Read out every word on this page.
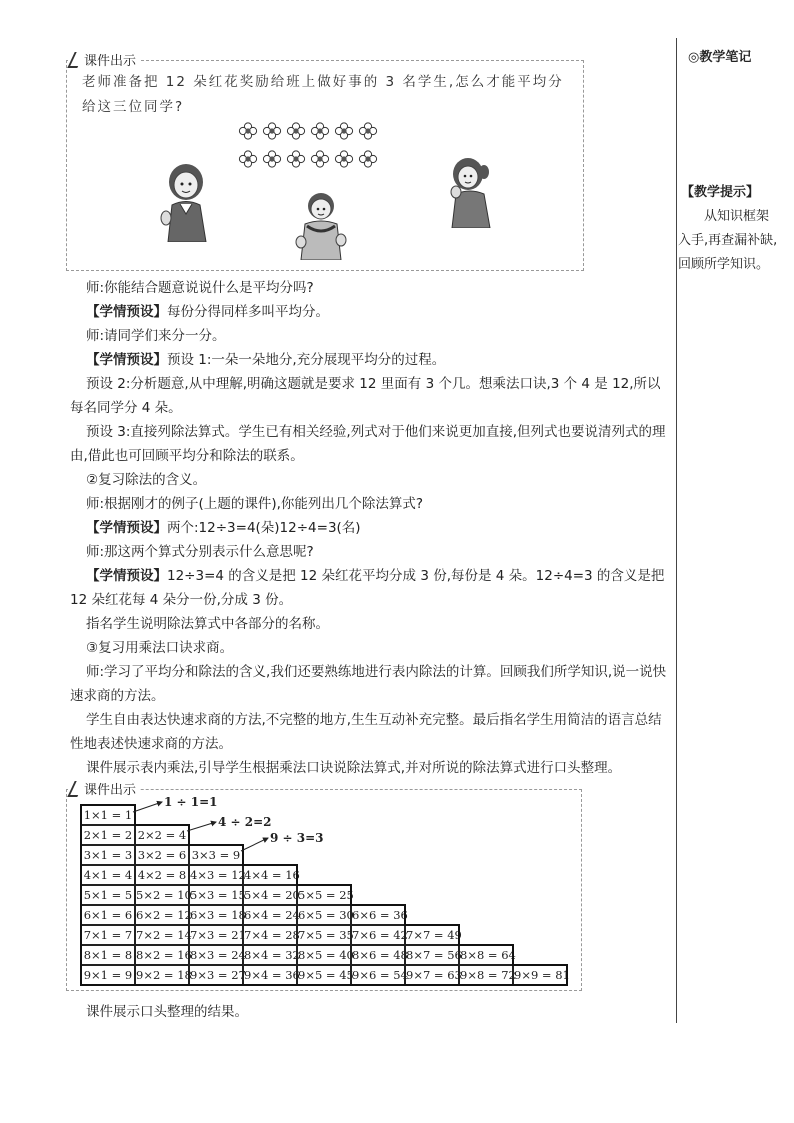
◎教学笔记
【教学提示】
从知识框架入手,再查漏补缺,回顾所学知识。
课件出示
老师准备把 12 朵红花奖励给班上做好事的 3 名学生,怎么才能平均分给这三位同学?
师:你能结合题意说说什么是平均分吗?
【学情预设】每份分得同样多叫平均分。
师:请同学们来分一分。
【学情预设】预设 1:一朵一朵地分,充分展现平均分的过程。
预设 2:分析题意,从中理解,明确这题就是要求 12 里面有 3 个几。想乘法口诀,3 个 4 是 12,所以每名同学分 4 朵。
预设 3:直接列除法算式。学生已有相关经验,列式对于他们来说更加直接,但列式也要说清列式的理由,借此也可回顾平均分和除法的联系。
②复习除法的含义。
师:根据刚才的例子(上题的课件),你能列出几个除法算式?
【学情预设】两个:12÷3=4(朵)12÷4=3(名)
师:那这两个算式分别表示什么意思呢?
【学情预设】12÷3=4 的含义是把 12 朵红花平均分成 3 份,每份是 4 朵。12÷4=3 的含义是把 12 朵红花每 4 朵分一份,分成 3 份。
指名学生说明除法算式中各部分的名称。
③复习用乘法口诀求商。
师:学习了平均分和除法的含义,我们还要熟练地进行表内除法的计算。回顾我们所学知识,说一说快速求商的方法。
学生自由表达快速求商的方法,不完整的地方,生生互动补充完整。最后指名学生用简洁的语言总结性地表述快速求商的方法。
课件展示表内乘法,引导学生根据乘法口诀说除法算式,并对所说的除法算式进行口头整理。
课件出示
1×1 = 1
2×1 = 2 2×2 = 4
3×1 = 3 3×2 = 6 3×3 = 9
4×1 = 4 4×2 = 8 4×3 = 12
4×4 = 16
5×1 = 5 5×2 = 10
5×3 = 15
5×4 = 20
5×5 = 25
6×1 = 6 6×2 = 12
6×3 = 18
6×4 = 24
6×5 = 30
6×6 = 36
7×1 = 7 7×2 = 14
7×3 = 21
7×4 = 28
7×5 = 35
7×6 = 42
7×7 = 49
8×1 = 8 8×2 = 16
8×3 = 24
8×4 = 32
8×5 = 40
8×6 = 48
8×7 = 56
8×8 = 64
9×1 = 9 9×2 = 18
9×3 = 27
9×4 = 36
9×5 = 45
9×6 = 54
9×7 = 63
9×8 = 72
9×9 = 81
1 ÷ 1=1
4 ÷ 2=2
9 ÷ 3=3
课件展示口头整理的结果。
